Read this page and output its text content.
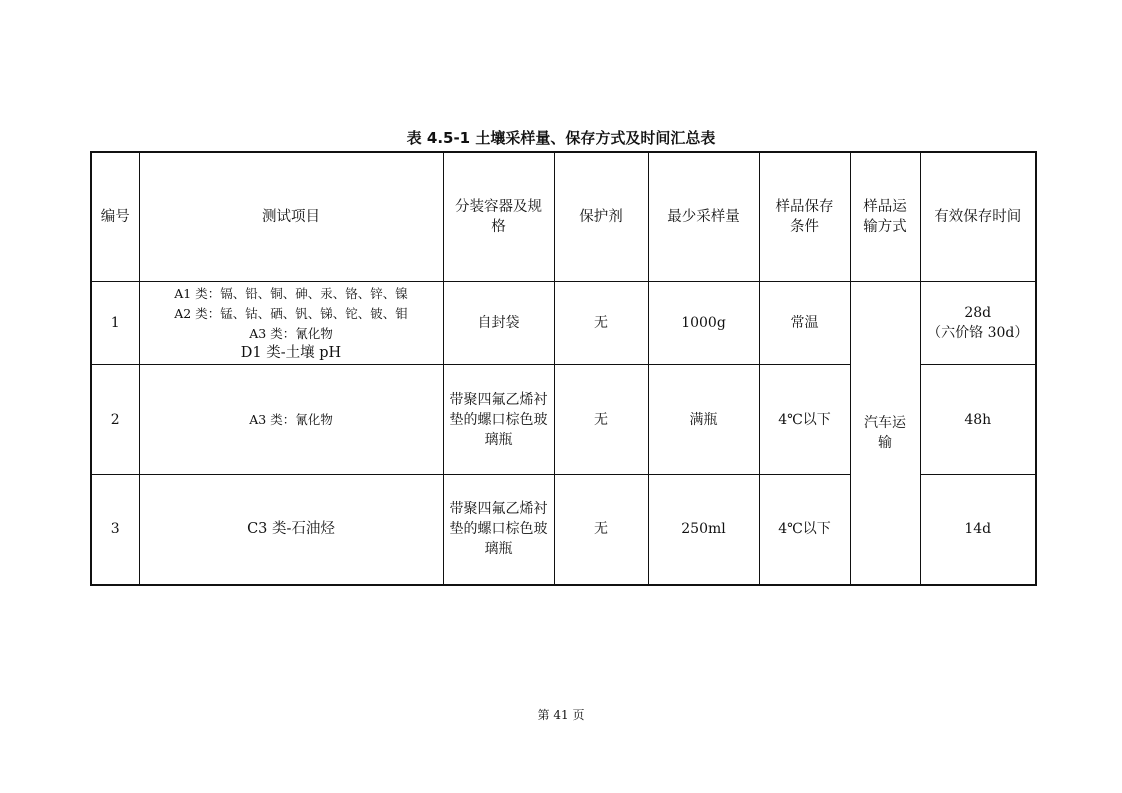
表 4.5-1 土壤采样量、保存方式及时间汇总表
编号	测试项目	分装容器及规格	保护剂	最少采样量	样品保存条件	样品运输方式	有效保存时间
1	A1 类：镉、铅、铜、砷、汞、铬、锌、镍
A2 类：锰、钴、硒、钒、锑、铊、铍、钼
A3 类：氰化物
D1 类-土壤 pH	自封袋	无	1000g	常温	汽车运输	28d
（六价铬 30d）

2	A3 类：氰化物	带聚四氟乙烯衬垫的螺口棕色玻璃瓶	无	满瓶	4℃以下		48h
3	C3 类-石油烃	带聚四氟乙烯衬垫的螺口棕色玻璃瓶	无	250ml	4℃以下		14d
第 41 页
